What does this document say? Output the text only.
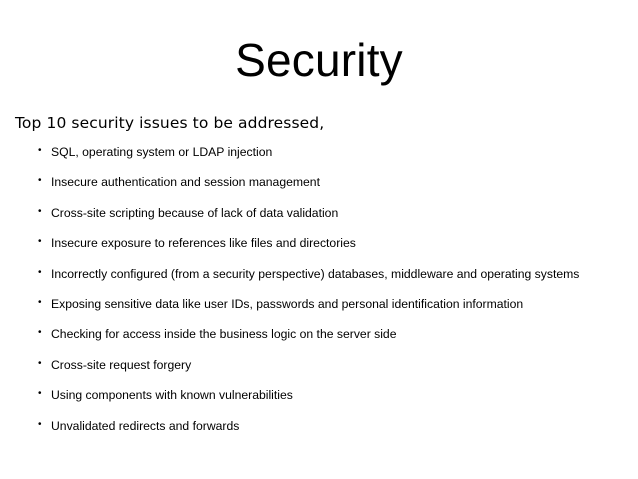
Security
Top 10 security issues to be addressed,
• SQL, operating system or LDAP injection
• Insecure authentication and session management
• Cross-site scripting because of lack of data validation
• Insecure exposure to references like files and directories
• Incorrectly configured (from a security perspective) databases, middleware and operating systems
• Exposing sensitive data like user IDs, passwords and personal identification information
• Checking for access inside the business logic on the server side
• Cross-site request forgery
• Using components with known vulnerabilities
• Unvalidated redirects and forwards
